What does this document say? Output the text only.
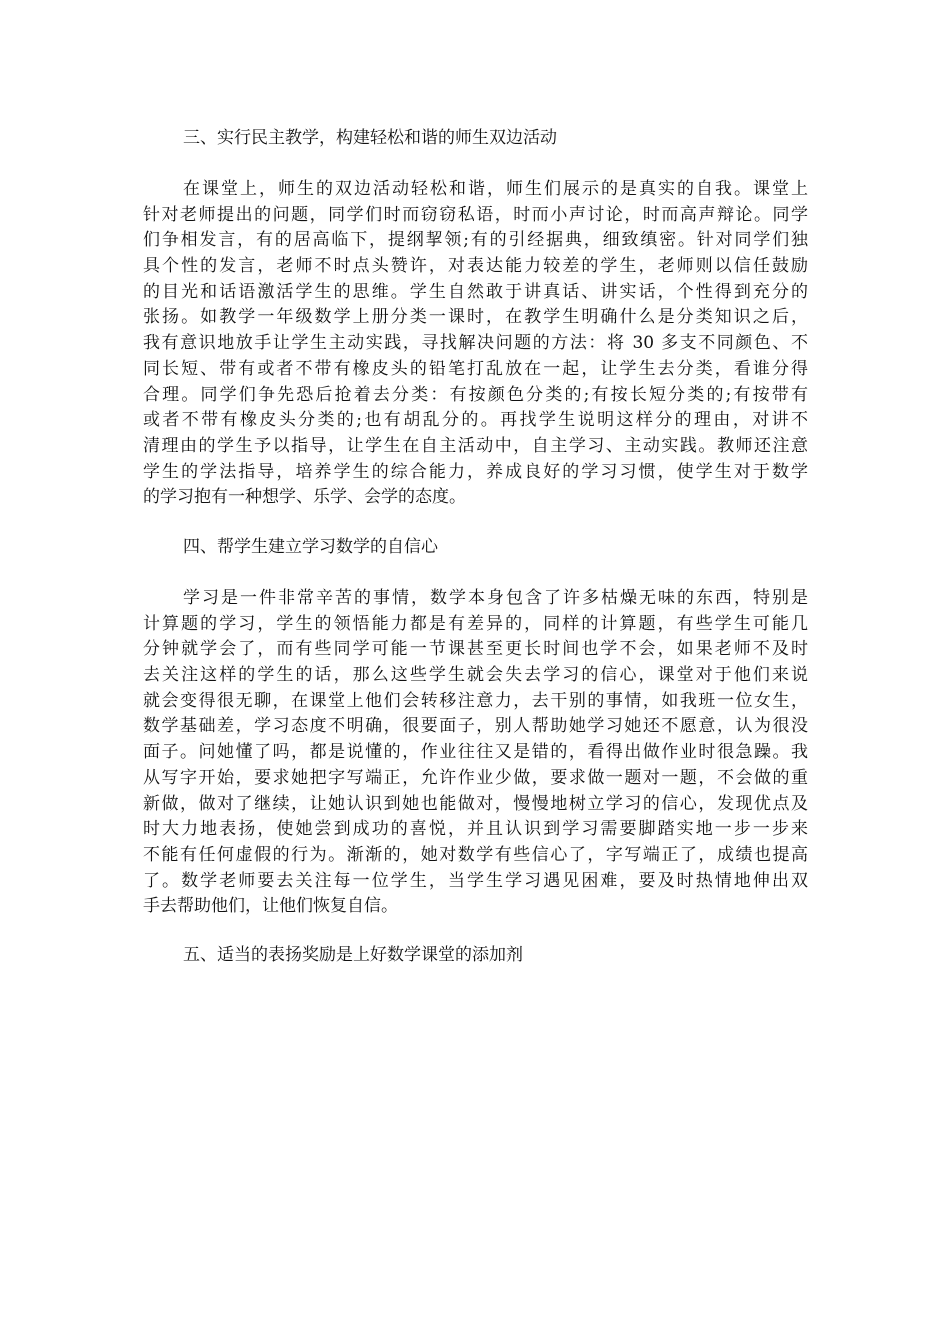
三、实行民主教学，构建轻松和谐的师生双边活动
在课堂上，师生的双边活动轻松和谐，师生们展示的是真实的自我。课堂上
针对老师提出的问题，同学们时而窃窃私语，时而小声讨论，时而高声辩论。同学
们争相发言，有的居高临下，提纲挈领;有的引经据典，细致缜密。针对同学们独
具个性的发言，老师不时点头赞许，对表达能力较差的学生，老师则以信任鼓励
的目光和话语激活学生的思维。学生自然敢于讲真话、讲实话，个性得到充分的
张扬。如教学一年级数学上册分类一课时，在教学生明确什么是分类知识之后，
我有意识地放手让学生主动实践，寻找解决问题的方法：将 30 多支不同颜色、不
同长短、带有或者不带有橡皮头的铅笔打乱放在一起，让学生去分类，看谁分得
合理。同学们争先恐后抢着去分类：有按颜色分类的;有按长短分类的;有按带有
或者不带有橡皮头分类的;也有胡乱分的。再找学生说明这样分的理由，对讲不
清理由的学生予以指导，让学生在自主活动中，自主学习、主动实践。教师还注意
学生的学法指导，培养学生的综合能力，养成良好的学习习惯，使学生对于数学
的学习抱有一种想学、乐学、会学的态度。
四、帮学生建立学习数学的自信心
学习是一件非常辛苦的事情，数学本身包含了许多枯燥无味的东西，特别是
计算题的学习，学生的领悟能力都是有差异的，同样的计算题，有些学生可能几
分钟就学会了，而有些同学可能一节课甚至更长时间也学不会，如果老师不及时
去关注这样的学生的话，那么这些学生就会失去学习的信心，课堂对于他们来说
就会变得很无聊，在课堂上他们会转移注意力，去干别的事情，如我班一位女生，
数学基础差，学习态度不明确，很要面子，别人帮助她学习她还不愿意，认为很没
面子。问她懂了吗，都是说懂的，作业往往又是错的，看得出做作业时很急躁。我
从写字开始，要求她把字写端正，允许作业少做，要求做一题对一题，不会做的重
新做，做对了继续，让她认识到她也能做对，慢慢地树立学习的信心，发现优点及
时大力地表扬，使她尝到成功的喜悦，并且认识到学习需要脚踏实地一步一步来
不能有任何虚假的行为。渐渐的，她对数学有些信心了，字写端正了，成绩也提高
了。数学老师要去关注每一位学生，当学生学习遇见困难，要及时热情地伸出双
手去帮助他们，让他们恢复自信。
五、适当的表扬奖励是上好数学课堂的添加剂
